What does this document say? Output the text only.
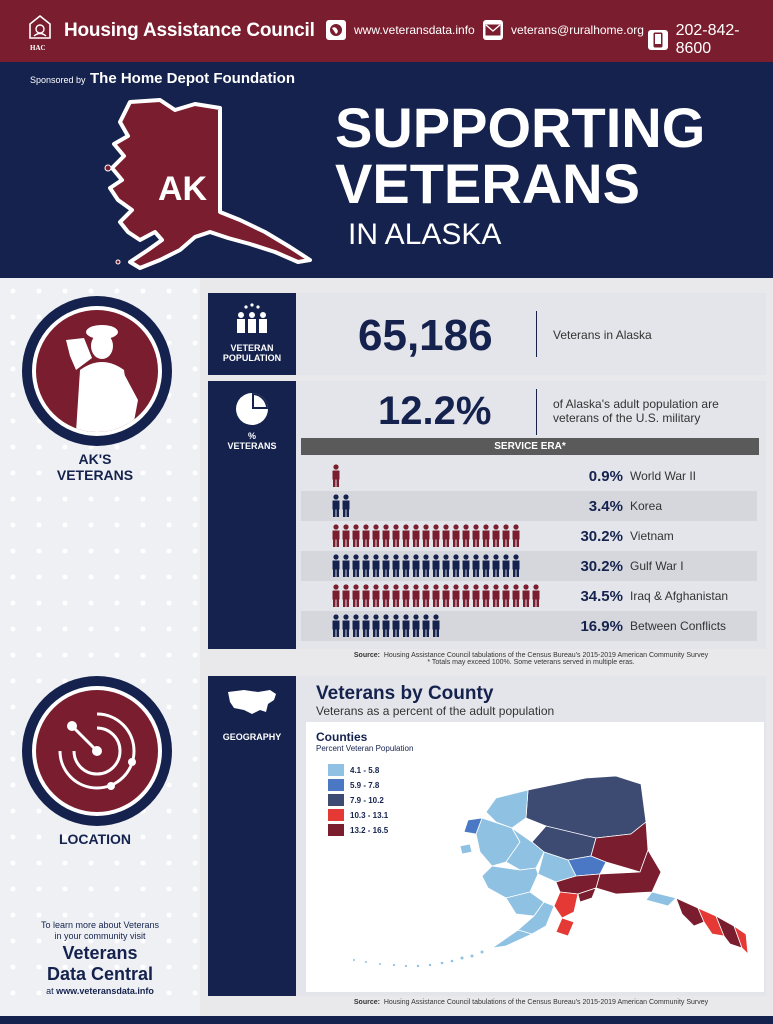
HAC
Housing Assistance Council	www.veteransdata.info	veterans@ruralhome.org 202-842-8600
Sponsored by The Home Depot Foundation
AK
SUPPORTING
VETERANS
IN ALASKA
AK'S
VETERANS
LOCATION
To learn more about Veterans
in your community visit
Veterans
Data Central
at www.veteransdata.info
VETERAN
POPULATION	65,186	Veterans in Alaska
%
VETERANS
12.2%	of Alaska's adult population are veterans of the U.S. military
SERVICE ERA*
0.9% World War II
3.4% Korea
30.2% Vietnam
30.2% Gulf War I
34.5% Iraq & Afghanistan
16.9% Between Conflicts
Source: Housing Assistance Council tabulations of the Census Bureau's 2015-2019 American Community Survey
* Totals may exceed 100%. Some veterans served in multiple eras.
GEOGRAPHY
Veterans by County
Veterans as a percent of the adult population
Counties
Percent Veteran Population
4.1 - 5.8
5.9 - 7.8
7.9 - 10.2
10.3 - 13.1
13.2 - 16.5
Source: Housing Assistance Council tabulations of the Census Bureau's 2015-2019 American Community Survey
